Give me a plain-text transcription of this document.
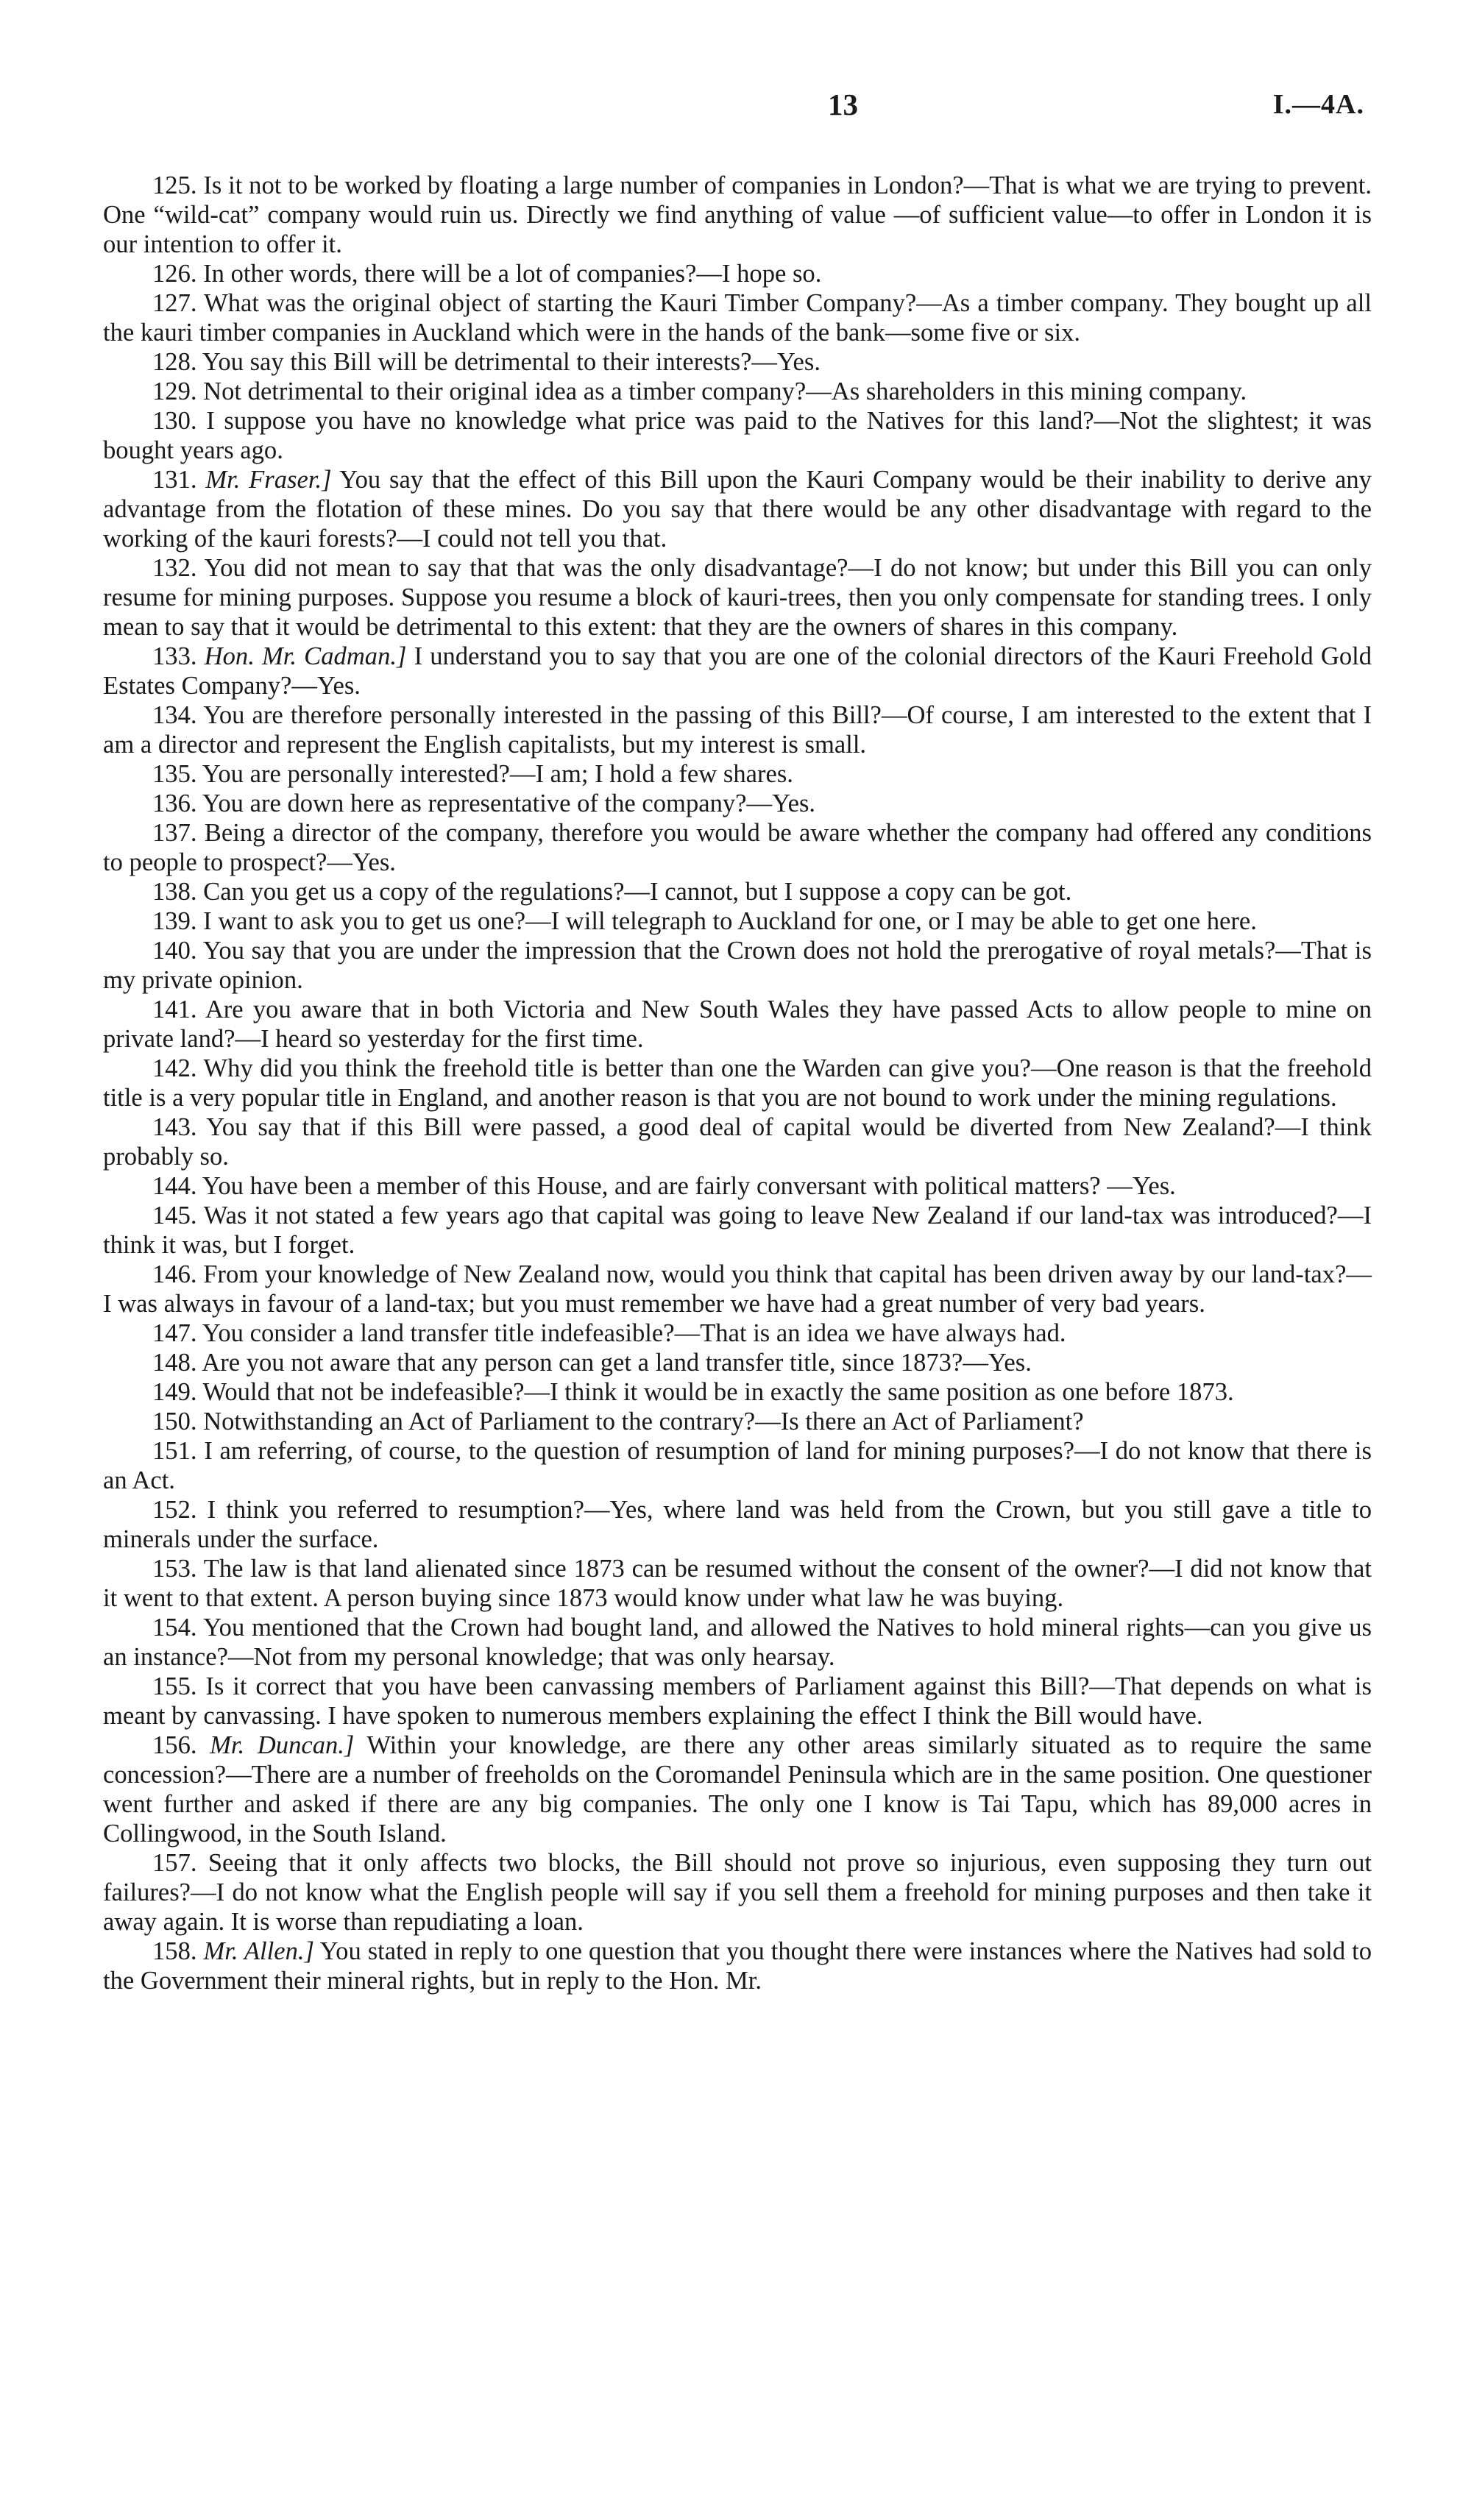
13	I.—4A.

125. Is it not to be worked by floating a large number of companies in London?—That is what we are trying to prevent. One “wild-cat” company would ruin us. Directly we find anything of value —of sufficient value—to offer in London it is our intention to offer it.

126. In other words, there will be a lot of companies?—I hope so.

127. What was the original object of starting the Kauri Timber Company?—As a timber company. They bought up all the kauri timber companies in Auckland which were in the hands of the bank—some five or six.

128. You say this Bill will be detrimental to their interests?—Yes.

129. Not detrimental to their original idea as a timber company?—As shareholders in this mining company.

130. I suppose you have no knowledge what price was paid to the Natives for this land?—Not the slightest; it was bought years ago.

131. Mr. Fraser.] You say that the effect of this Bill upon the Kauri Company would be their inability to derive any advantage from the flotation of these mines. Do you say that there would be any other disadvantage with regard to the working of the kauri forests?—I could not tell you that.

132. You did not mean to say that that was the only disadvantage?—I do not know; but under this Bill you can only resume for mining purposes. Suppose you resume a block of kauri-trees, then you only compensate for standing trees. I only mean to say that it would be detrimental to this extent: that they are the owners of shares in this company.

133. Hon. Mr. Cadman.] I understand you to say that you are one of the colonial directors of the Kauri Freehold Gold Estates Company?—Yes.

134. You are therefore personally interested in the passing of this Bill?—Of course, I am interested to the extent that I am a director and represent the English capitalists, but my interest is small.

135. You are personally interested?—I am; I hold a few shares.

136. You are down here as representative of the company?—Yes.

137. Being a director of the company, therefore you would be aware whether the company had offered any conditions to people to prospect?—Yes.

138. Can you get us a copy of the regulations?—I cannot, but I suppose a copy can be got.

139. I want to ask you to get us one?—I will telegraph to Auckland for one, or I may be able to get one here.

140. You say that you are under the impression that the Crown does not hold the prerogative of royal metals?—That is my private opinion.

141. Are you aware that in both Victoria and New South Wales they have passed Acts to allow people to mine on private land?—I heard so yesterday for the first time.

142. Why did you think the freehold title is better than one the Warden can give you?—One reason is that the freehold title is a very popular title in England, and another reason is that you are not bound to work under the mining regulations.

143. You say that if this Bill were passed, a good deal of capital would be diverted from New Zealand?—I think probably so.

144. You have been a member of this House, and are fairly conversant with political matters? —Yes.

145. Was it not stated a few years ago that capital was going to leave New Zealand if our land-tax was introduced?—I think it was, but I forget.

146. From your knowledge of New Zealand now, would you think that capital has been driven away by our land-tax?—I was always in favour of a land-tax; but you must remember we have had a great number of very bad years.

147. You consider a land transfer title indefeasible?—That is an idea we have always had.

148. Are you not aware that any person can get a land transfer title, since 1873?—Yes.

149. Would that not be indefeasible?—I think it would be in exactly the same position as one before 1873.

150. Notwithstanding an Act of Parliament to the contrary?—Is there an Act of Parliament?

151. I am referring, of course, to the question of resumption of land for mining purposes?—I do not know that there is an Act.

152. I think you referred to resumption?—Yes, where land was held from the Crown, but you still gave a title to minerals under the surface.

153. The law is that land alienated since 1873 can be resumed without the consent of the owner?—I did not know that it went to that extent. A person buying since 1873 would know under what law he was buying.

154. You mentioned that the Crown had bought land, and allowed the Natives to hold mineral rights—can you give us an instance?—Not from my personal knowledge; that was only hearsay.

155. Is it correct that you have been canvassing members of Parliament against this Bill?—That depends on what is meant by canvassing. I have spoken to numerous members explaining the effect I think the Bill would have.

156. Mr. Duncan.] Within your knowledge, are there any other areas similarly situated as to require the same concession?—There are a number of freeholds on the Coromandel Peninsula which are in the same position. One questioner went further and asked if there are any big companies. The only one I know is Tai Tapu, which has 89,000 acres in Collingwood, in the South Island.

157. Seeing that it only affects two blocks, the Bill should not prove so injurious, even supposing they turn out failures?—I do not know what the English people will say if you sell them a freehold for mining purposes and then take it away again. It is worse than repudiating a loan.

158. Mr. Allen.] You stated in reply to one question that you thought there were instances where the Natives had sold to the Government their mineral rights, but in reply to the Hon. Mr.
